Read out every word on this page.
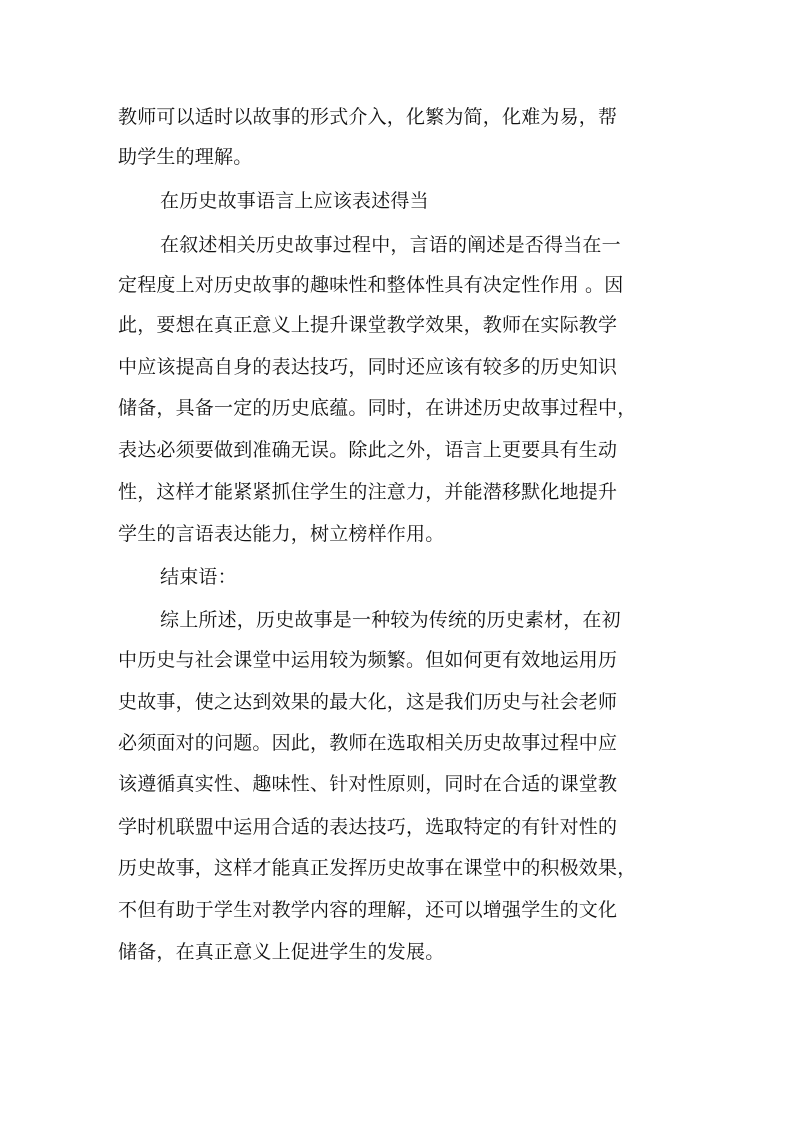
教师可以适时以故事的形式介入，化繁为简，化难为易，帮
助学生的理解。
在历史故事语言上应该表述得当
在叙述相关历史故事过程中，言语的阐述是否得当在一
定程度上对历史故事的趣味性和整体性具有决定性作用 。因
此，要想在真正意义上提升课堂教学效果，教师在实际教学
中应该提高自身的表达技巧，同时还应该有较多的历史知识
储备，具备一定的历史底蕴。同时，在讲述历史故事过程中，
表达必须要做到准确无误。除此之外，语言上更要具有生动
性，这样才能紧紧抓住学生的注意力，并能潜移默化地提升
学生的言语表达能力，树立榜样作用。
结束语：
综上所述，历史故事是一种较为传统的历史素材，在初
中历史与社会课堂中运用较为频繁。但如何更有效地运用历
史故事，使之达到效果的最大化，这是我们历史与社会老师
必须面对的问题。因此，教师在选取相关历史故事过程中应
该遵循真实性、趣味性、针对性原则，同时在合适的课堂教
学时机联盟中运用合适的表达技巧，选取特定的有针对性的
历史故事，这样才能真正发挥历史故事在课堂中的积极效果，
不但有助于学生对教学内容的理解，还可以增强学生的文化
储备，在真正意义上促进学生的发展。
